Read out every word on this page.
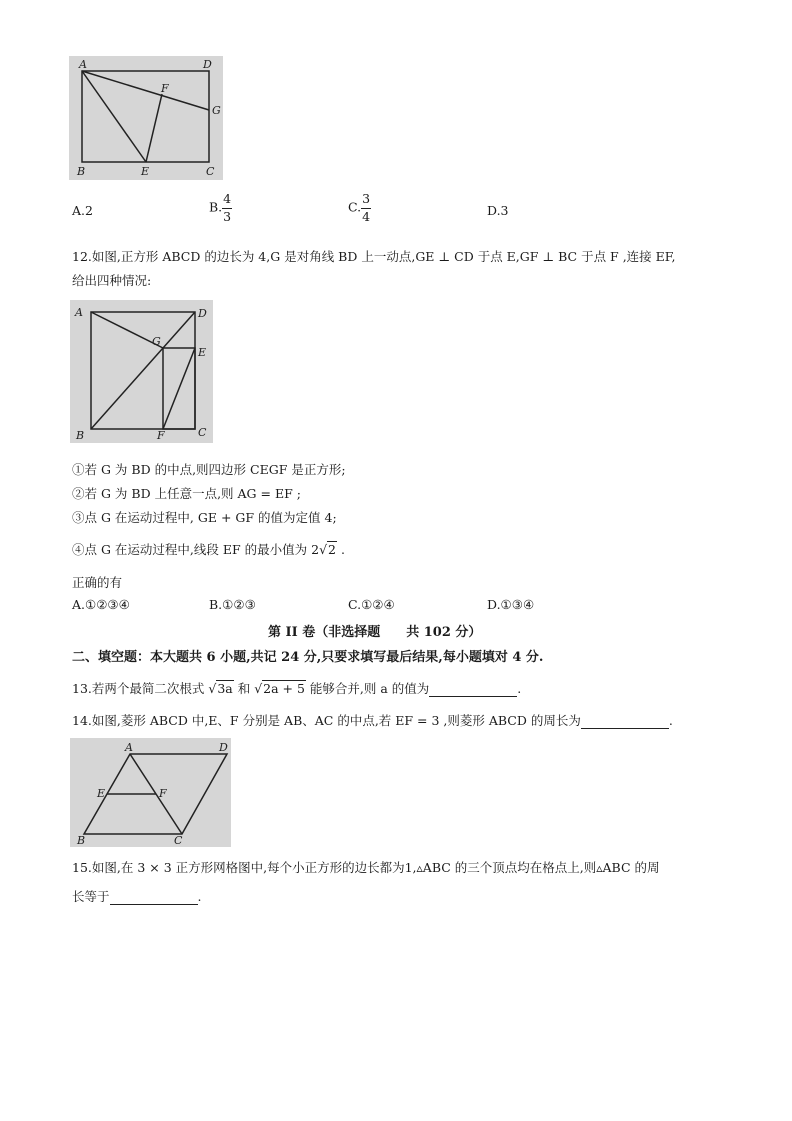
A	D
F
G
B	E	C
A.2	B. $\frac{4}{3}$	C. $\frac{3}{4}$	D.3
12.如图,正方形 ABCD 的边长为 4,G 是对角线 BD 上一动点,GE ⊥ CD 于点 E,GF ⊥ BC 于点 F ,连接 EF,
给出四种情况:
A	D
G
E
B	F	C
①若 G 为 BD 的中点,则四边形 CEGF 是正方形;
②若 G 为 BD 上任意一点,则 AG = EF ;
③点 G 在运动过程中, GE + GF 的值为定值 4;
④点 G 在运动过程中,线段 EF 的最小值为 2√2 .
正确的有
A.①②③④	B.①②③	C.①②④	D.①③④
第 II 卷（非选择题　　共 102 分）
二、填空题：本大题共 6 小题,共记 24 分,只要求填写最后结果,每小题填对 4 分.
13.若两个最简二次根式 √3a 和 √2a + 5 能够合并,则 a 的值为	.
14.如图,菱形 ABCD 中,E、F 分别是 AB、AC 的中点,若 EF = 3 ,则菱形 ABCD 的周长为	.
A	D
E	F
B	C
15.如图,在 3 × 3 正方形网格图中,每个小正方形的边长都为1,▵ABC 的三个顶点均在格点上,则▵ABC 的周
长等于	.
